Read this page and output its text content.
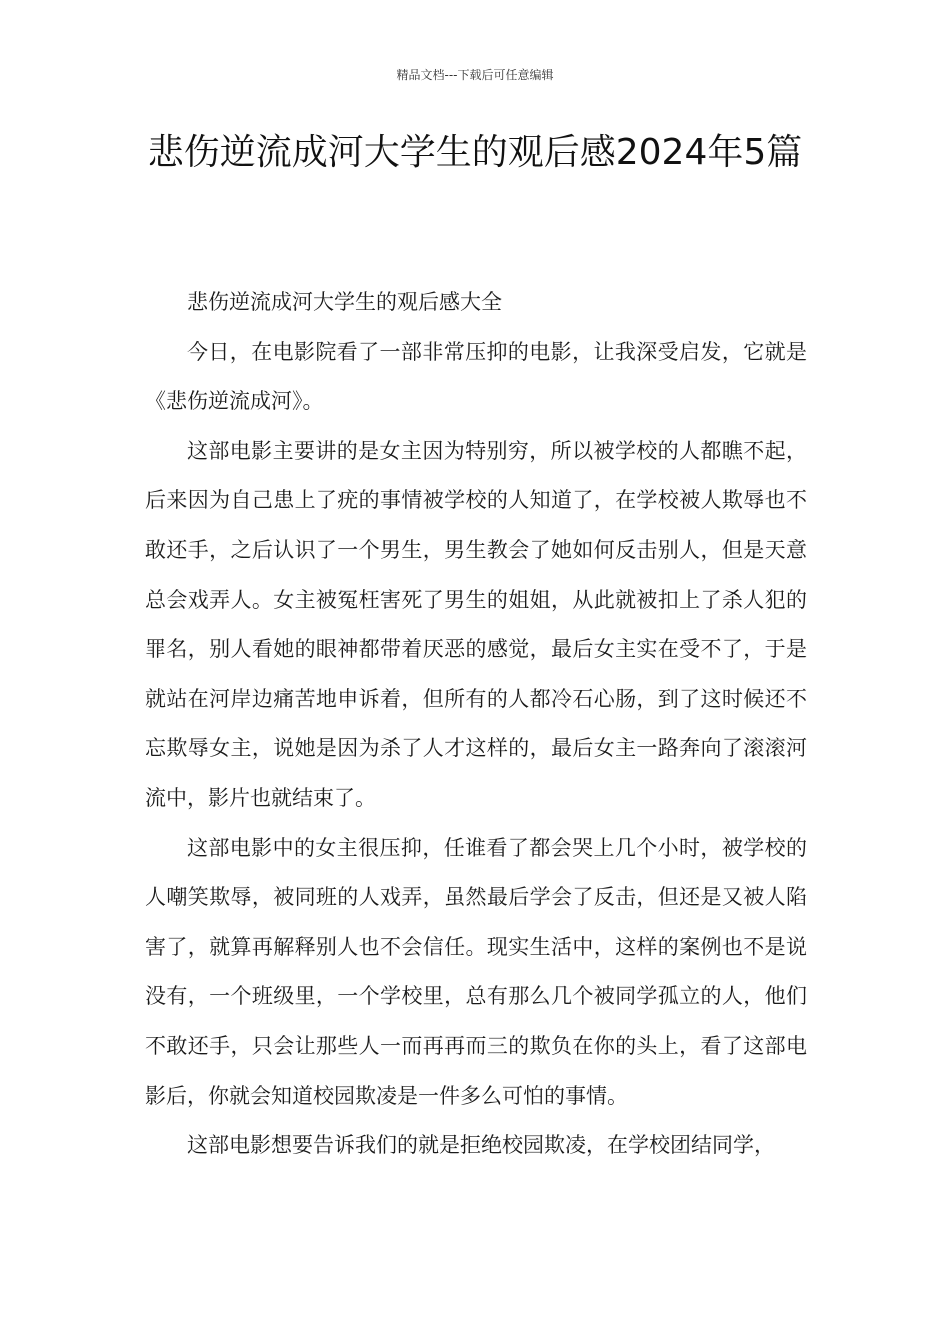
精品文档---下载后可任意编辑
悲伤逆流成河大学生的观后感2024年5篇

悲伤逆流成河大学生的观后感大全

今日，在电影院看了一部非常压抑的电影，让我深受启发，它就是《悲伤逆流成河》。

这部电影主要讲的是女主因为特别穷，所以被学校的人都瞧不起，后来因为自己患上了疣的事情被学校的人知道了，在学校被人欺辱也不敢还手，之后认识了一个男生，男生教会了她如何反击别人，但是天意总会戏弄人。女主被冤枉害死了男生的姐姐，从此就被扣上了杀人犯的罪名，别人看她的眼神都带着厌恶的感觉，最后女主实在受不了，于是就站在河岸边痛苦地申诉着，但所有的人都冷石心肠，到了这时候还不忘欺辱女主，说她是因为杀了人才这样的，最后女主一路奔向了滚滚河流中，影片也就结束了。

这部电影中的女主很压抑，任谁看了都会哭上几个小时，被学校的人嘲笑欺辱，被同班的人戏弄，虽然最后学会了反击，但还是又被人陷害了，就算再解释别人也不会信任。现实生活中，这样的案例也不是说没有，一个班级里，一个学校里，总有那么几个被同学孤立的人，他们不敢还手，只会让那些人一而再再而三的欺负在你的头上，看了这部电影后，你就会知道校园欺凌是一件多么可怕的事情。

这部电影想要告诉我们的就是拒绝校园欺凌，在学校团结同学，
